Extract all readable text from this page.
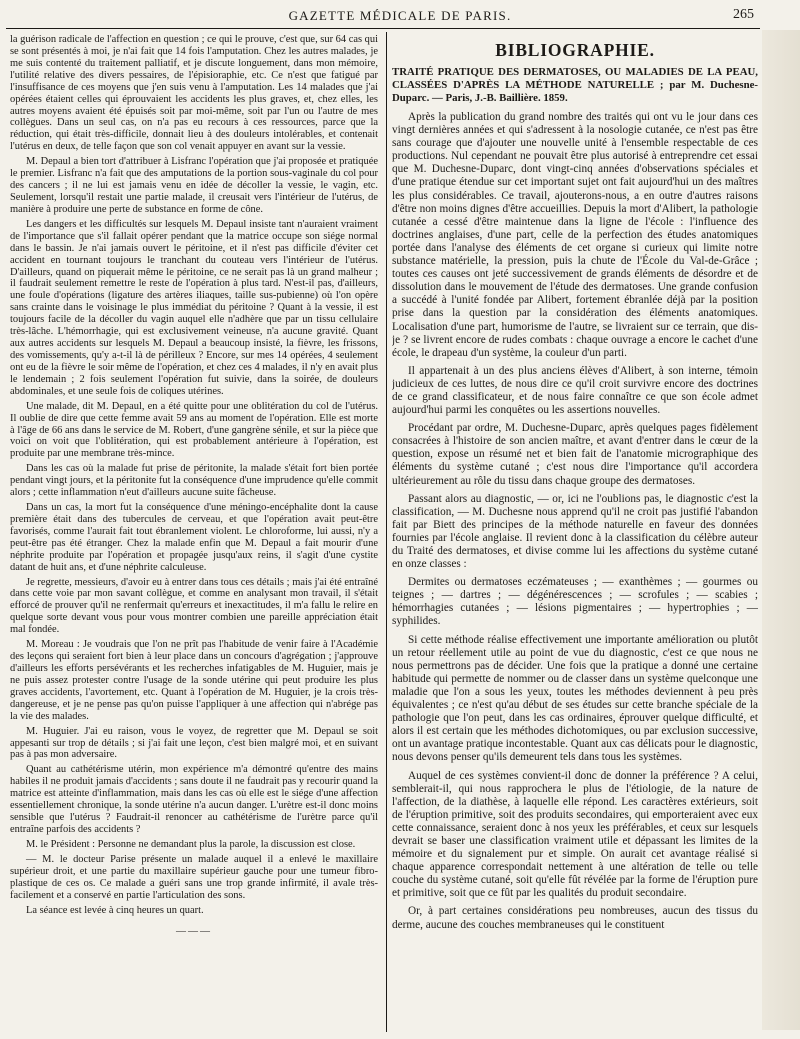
GAZETTE MÉDICALE DE PARIS.	265

la guérison radicale de l'affection en question ; ce qui le prouve, c'est que, sur 64 cas qui se sont présentés à moi, je n'ai fait que 14 fois l'amputation. Chez les autres malades, je me suis contenté du traitement palliatif, et je discute longuement, dans mon mémoire, l'utilité relative des divers pessaires, de l'épisioraphie, etc. Ce n'est que fatigué par l'insuffisance de ces moyens que j'en suis venu à l'amputation. Les 14 malades que j'ai opérées étaient celles qui éprouvaient les accidents les plus graves, et, chez elles, les autres moyens avaient été épuisés soit par moi-même, soit par l'un ou l'autre de mes collègues. Dans un seul cas, on n'a pas eu recours à ces ressources, parce que la réduction, qui était très-difficile, donnait lieu à des douleurs intolérables, et contenait l'utérus en deux, de telle façon que son col venait appuyer en avant sur la vessie.

M. Depaul a bien tort d'attribuer à Lisfranc l'opération que j'ai proposée et pratiquée le premier. Lisfranc n'a fait que des amputations de la portion sous-vaginale du col pour des cancers ; il ne lui est jamais venu en idée de décoller la vessie, le vagin, etc. Seulement, lorsqu'il restait une partie malade, il creusait vers l'intérieur de l'utérus, de manière à produire une perte de substance en forme de cône.

Les dangers et les difficultés sur lesquels M. Depaul insiste tant n'auraient vraiment de l'importance que s'il fallait opérer pendant que la matrice occupe son siége normal dans le bassin. Je n'ai jamais ouvert le péritoine, et il n'est pas difficile d'éviter cet accident en tournant toujours le tranchant du couteau vers l'intérieur de l'utérus. D'ailleurs, quand on piquerait même le péritoine, ce ne serait pas là un grand malheur ; il faudrait seulement remettre le reste de l'opération à plus tard. N'est-il pas, d'ailleurs, une foule d'opérations (ligature des artères iliaques, taille sus-pubienne) où l'on opère sans crainte dans le voisinage le plus immédiat du péritoine ? Quant à la vessie, il est toujours facile de la décoller du vagin auquel elle n'adhère que par un tissu cellulaire très-lâche. L'hémorrhagie, qui est exclusivement veineuse, n'a aucune gravité. Quant aux autres accidents sur lesquels M. Depaul a beaucoup insisté, la fièvre, les frissons, des vomissements, qu'y a-t-il là de périlleux ? Encore, sur mes 14 opérées, 4 seulement ont eu de la fièvre le soir même de l'opération, et chez ces 4 malades, il n'y en avait plus le lendemain ; 2 fois seulement l'opération fut suivie, dans la soirée, de douleurs abdominales, et une seule fois de coliques utérines.

Une malade, dit M. Depaul, en a été quitte pour une oblitération du col de l'utérus. Il oublie de dire que cette femme avait 59 ans au moment de l'opération. Elle est morte à l'âge de 66 ans dans le service de M. Robert, d'une gangrène sénile, et sur la pièce que voici on voit que l'oblitération, qui est probablement antérieure à l'opération, est produite par une membrane très-mince.

Dans les cas où la malade fut prise de péritonite, la malade s'était fort bien portée pendant vingt jours, et la péritonite fut la conséquence d'une imprudence qu'elle commit alors ; cette inflammation n'eut d'ailleurs aucune suite fâcheuse.

Dans un cas, la mort fut la conséquence d'une méningo-encéphalite dont la cause première était dans des tubercules de cerveau, et que l'opération avait peut-être favorisés, comme l'aurait fait tout ébranlement violent. Le chloroforme, lui aussi, n'y a peut-être pas été étranger. Chez la malade enfin que M. Depaul a fait mourir d'une néphrite produite par l'opération et propagée jusqu'aux reins, il s'agit d'une cystite datant de huit ans, et d'une néphrite calculeuse.

Je regrette, messieurs, d'avoir eu à entrer dans tous ces détails ; mais j'ai été entraîné dans cette voie par mon savant collègue, et comme en analysant mon travail, il s'était efforcé de prouver qu'il ne renfermait qu'erreurs et inexactitudes, il m'a fallu le relire en quelque sorte devant vous pour vous montrer combien une pareille appréciation était mal fondée.

M. Moreau : Je voudrais que l'on ne prît pas l'habitude de venir faire à l'Académie des leçons qui seraient fort bien à leur place dans un concours d'agrégation ; j'approuve d'ailleurs les efforts persévérants et les recherches infatigables de M. Huguier, mais je ne puis assez protester contre l'usage de la sonde utérine qui peut produire les plus graves accidents, l'avortement, etc. Quant à l'opération de M. Huguier, je la crois très-dangereuse, et je ne pense pas qu'on puisse l'appliquer à une affection qui n'abrége pas la vie des malades.

M. Huguier. J'ai eu raison, vous le voyez, de regretter que M. Depaul se soit appesanti sur trop de détails ; si j'ai fait une leçon, c'est bien malgré moi, et en suivant pas à pas mon adversaire.

Quant au cathétérisme utérin, mon expérience m'a démontré qu'entre des mains habiles il ne produit jamais d'accidents ; sans doute il ne faudrait pas y recourir quand la matrice est atteinte d'inflammation, mais dans les cas où elle est le siége d'une affection essentiellement chronique, la sonde utérine n'a aucun danger. L'urètre est-il donc moins sensible que l'utérus ? Faudrait-il renoncer au cathétérisme de l'urètre parce qu'il entraîne parfois des accidents ?

M. le Président : Personne ne demandant plus la parole, la discussion est close.

— M. le docteur Parise présente un malade auquel il a enlevé le maxillaire supérieur droit, et une partie du maxillaire supérieur gauche pour une tumeur fibro-plastique de ces os. Ce malade a guéri sans une trop grande infirmité, il avale très-facilement et a conservé en partie l'articulation des sons.

La séance est levée à cinq heures un quart.

———
BIBLIOGRAPHIE.
TRAITÉ PRATIQUE DES DERMATOSES, OU MALADIES DE LA PEAU, CLASSÉES D'APRÈS LA MÉTHODE NATURELLE ; par M. Duchesne-Duparc. — Paris, J.-B. Baillière. 1859.

Après la publication du grand nombre des traités qui ont vu le jour dans ces vingt dernières années et qui s'adressent à la nosologie cutanée, ce n'est pas être sans courage que d'ajouter une nouvelle unité à l'ensemble respectable de ces productions. Nul cependant ne pouvait être plus autorisé à entreprendre cet essai que M. Duchesne-Duparc, dont vingt-cinq années d'observations spéciales et d'une pratique étendue sur cet important sujet ont fait aujourd'hui un des maîtres les plus considérables. Ce travail, ajouterons-nous, a en outre d'autres raisons d'être non moins dignes d'être accueillies. Depuis la mort d'Alibert, la pathologie cutanée a cessé d'être maintenue dans la ligne de l'école : l'influence des doctrines anglaises, d'une part, celle de la perfection des études anatomiques portée dans l'analyse des éléments de cet organe si curieux qui limite notre substance matérielle, la pression, puis la chute de l'École du Val-de-Grâce ; toutes ces causes ont jeté successivement de grands éléments de désordre et de dissolution dans le mouvement de l'étude des dermatoses. Une grande confusion a succédé à l'unité fondée par Alibert, fortement ébranlée déjà par la position prise dans la question par la considération des éléments anatomiques. Localisation d'une part, humorisme de l'autre, se livraient sur ce terrain, que dis-je ? se livrent encore de rudes combats : chaque ouvrage a encore le cachet d'une école, le drapeau d'un système, la couleur d'un parti.

Il appartenait à un des plus anciens élèves d'Alibert, à son interne, témoin judicieux de ces luttes, de nous dire ce qu'il croit survivre encore des doctrines de ce grand classificateur, et de nous faire connaître ce que son école admet aujourd'hui parmi les conquêtes ou les assertions nouvelles.

Procédant par ordre, M. Duchesne-Duparc, après quelques pages fidèlement consacrées à l'histoire de son ancien maître, et avant d'entrer dans le cœur de la question, expose un résumé net et bien fait de l'anatomie micrographique des éléments du système cutané ; c'est nous dire l'importance qu'il accordera ultérieurement au rôle du tissu dans chaque groupe des dermatoses.

Passant alors au diagnostic, — or, ici ne l'oublions pas, le diagnostic c'est la classification, — M. Duchesne nous apprend qu'il ne croit pas justifié l'abandon fait par Biett des principes de la méthode naturelle en faveur des données fournies par l'école anglaise. Il revient donc à la classification du célèbre auteur du Traité des dermatoses, et divise comme lui les affections du système cutané en onze classes :

Dermites ou dermatoses eczémateuses ; — exanthèmes ; — gourmes ou teignes ; — dartres ; — dégénérescences ; — scrofules ; — scabies ; hémorrhagies cutanées ; — lésions pigmentaires ; — hypertrophies ; — syphilides.

Si cette méthode réalise effectivement une importante amélioration ou plutôt un retour réellement utile au point de vue du diagnostic, c'est ce que nous ne nous permettrons pas de décider. Une fois que la pratique a donné une certaine habitude qui permette de nommer ou de classer dans un système quelconque une maladie que l'on a sous les yeux, toutes les méthodes deviennent à peu près équivalentes ; ce n'est qu'au début de ses études sur cette branche spéciale de la pathologie que l'on peut, dans les cas ordinaires, éprouver quelque difficulté, et alors il est certain que les méthodes dichotomiques, ou par exclusion successive, ont un avantage pratique incontestable. Quant aux cas délicats pour le diagnostic, nous devons penser qu'ils demeurent tels dans tous les systèmes.

Auquel de ces systèmes convient-il donc de donner la préférence ? A celui, semblerait-il, qui nous rapprochera le plus de l'étiologie, de la nature de l'affection, de la diathèse, à laquelle elle répond. Les caractères extérieurs, soit de l'éruption primitive, soit des produits secondaires, qui emporteraient avec eux cette connaissance, seraient donc à nos yeux les préférables, et ceux sur lesquels devrait se baser une classification vraiment utile et dépassant les limites de la mémoire et du signalement pur et simple. On aurait cet avantage réalisé si chaque apparence correspondait nettement à une altération de telle ou telle couche du système cutané, soit qu'elle fût révélée par la forme de l'éruption pure et primitive, soit que ce fût par les qualités du produit secondaire.

Or, à part certaines considérations peu nombreuses, aucun des tissus du derme, aucune des couches membraneuses qui le constituent
